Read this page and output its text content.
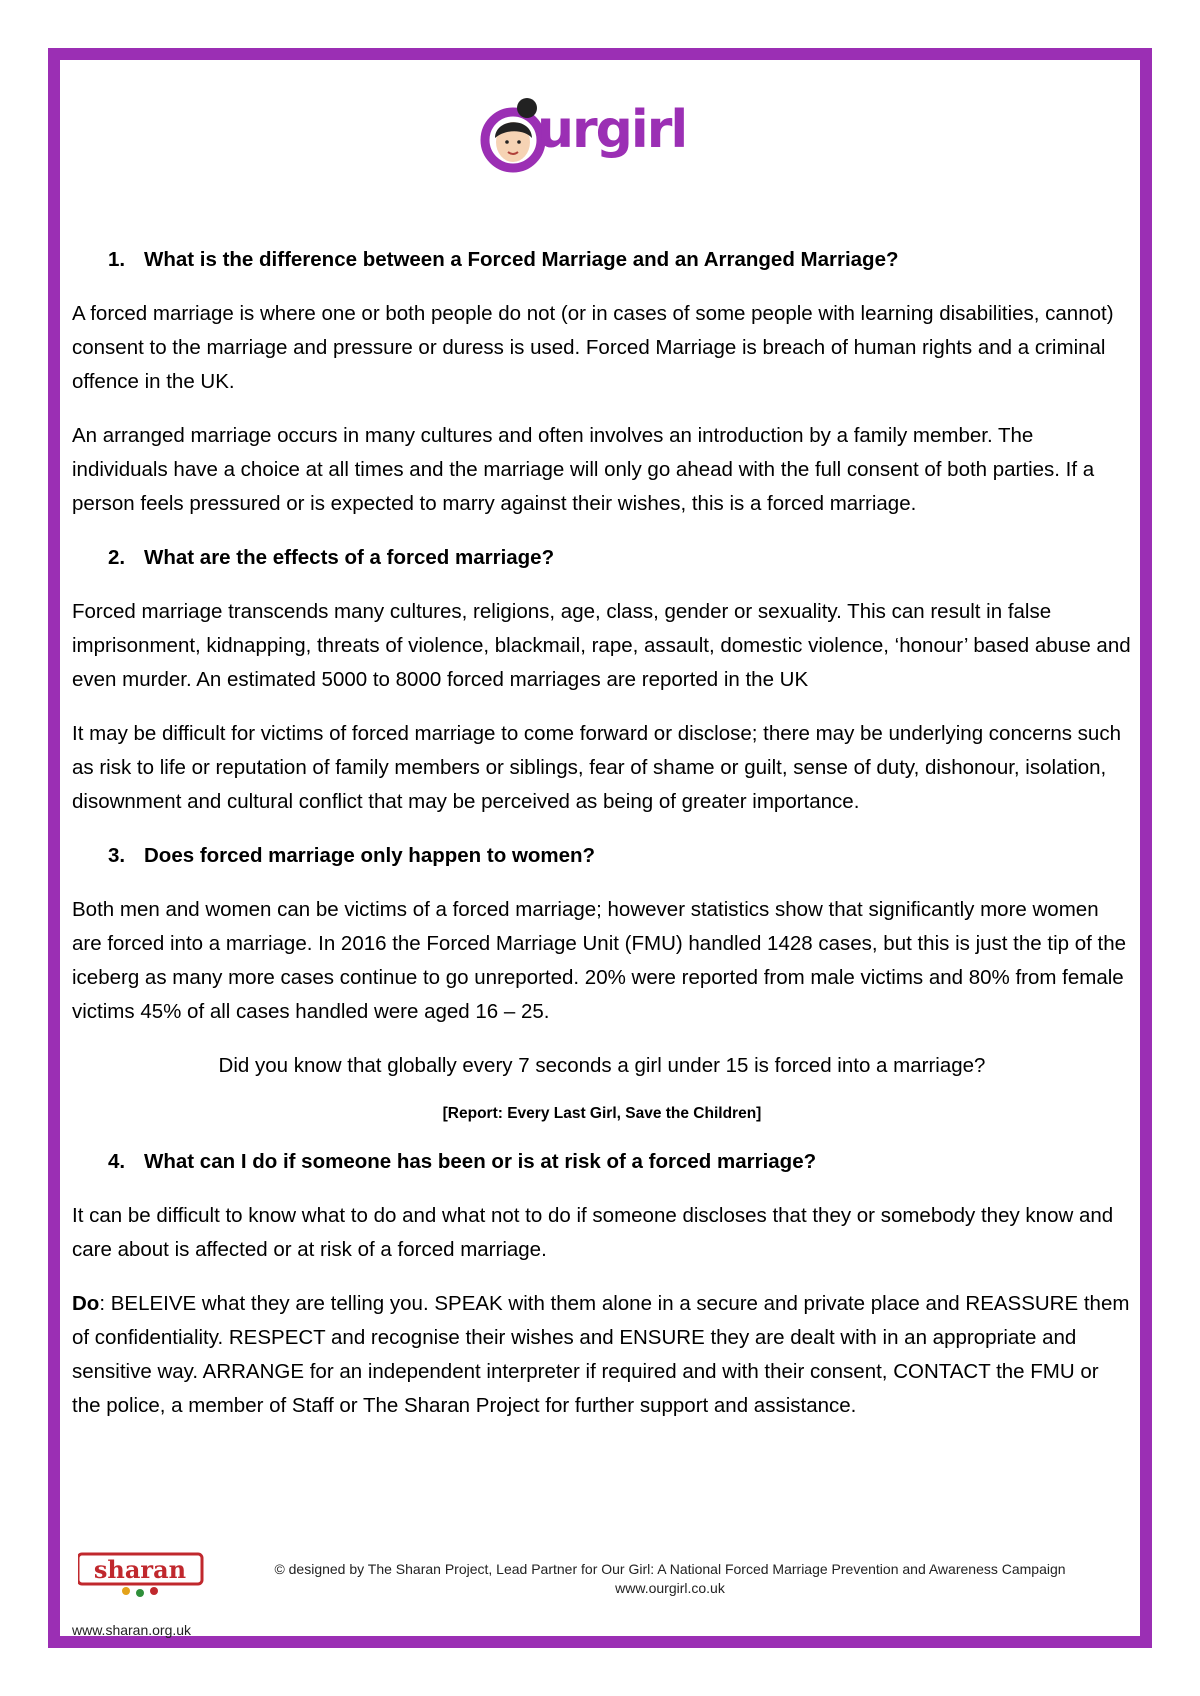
urgirl
1. What is the difference between a Forced Marriage and an Arranged Marriage?

A forced marriage is where one or both people do not (or in cases of some people with learning disabilities, cannot) consent to the marriage and pressure or duress is used. Forced Marriage is breach of human rights and a criminal offence in the UK.

An arranged marriage occurs in many cultures and often involves an introduction by a family member. The individuals have a choice at all times and the marriage will only go ahead with the full consent of both parties. If a person feels pressured or is expected to marry against their wishes, this is a forced marriage.

2. What are the effects of a forced marriage?

Forced marriage transcends many cultures, religions, age, class, gender or sexuality. This can result in false imprisonment, kidnapping, threats of violence, blackmail, rape, assault, domestic violence, ‘honour’ based abuse and even murder. An estimated 5000 to 8000 forced marriages are reported in the UK

It may be difficult for victims of forced marriage to come forward or disclose; there may be underlying concerns such as risk to life or reputation of family members or siblings, fear of shame or guilt, sense of duty, dishonour, isolation, disownment and cultural conflict that may be perceived as being of greater importance.

3. Does forced marriage only happen to women?

Both men and women can be victims of a forced marriage; however statistics show that significantly more women are forced into a marriage. In 2016 the Forced Marriage Unit (FMU) handled 1428 cases, but this is just the tip of the iceberg as many more cases continue to go unreported. 20% were reported from male victims and 80% from female victims 45% of all cases handled were aged 16 – 25.

Did you know that globally every 7 seconds a girl under 15 is forced into a marriage?

[Report: Every Last Girl, Save the Children]

4. What can I do if someone has been or is at risk of a forced marriage?

It can be difficult to know what to do and what not to do if someone discloses that they or somebody they know and care about is affected or at risk of a forced marriage.

Do: BELEIVE what they are telling you. SPEAK with them alone in a secure and private place and REASSURE them of confidentiality. RESPECT and recognise their wishes and ENSURE they are dealt with in an appropriate and sensitive way. ARRANGE for an independent interpreter if required and with their consent, CONTACT the FMU or the police, a member of Staff or The Sharan Project for further support and assistance.

sharan	© designed by The Sharan Project, Lead Partner for Our Girl: A National Forced Marriage Prevention and Awareness Campaign
www.ourgirl.co.uk
www.sharan.org.uk
